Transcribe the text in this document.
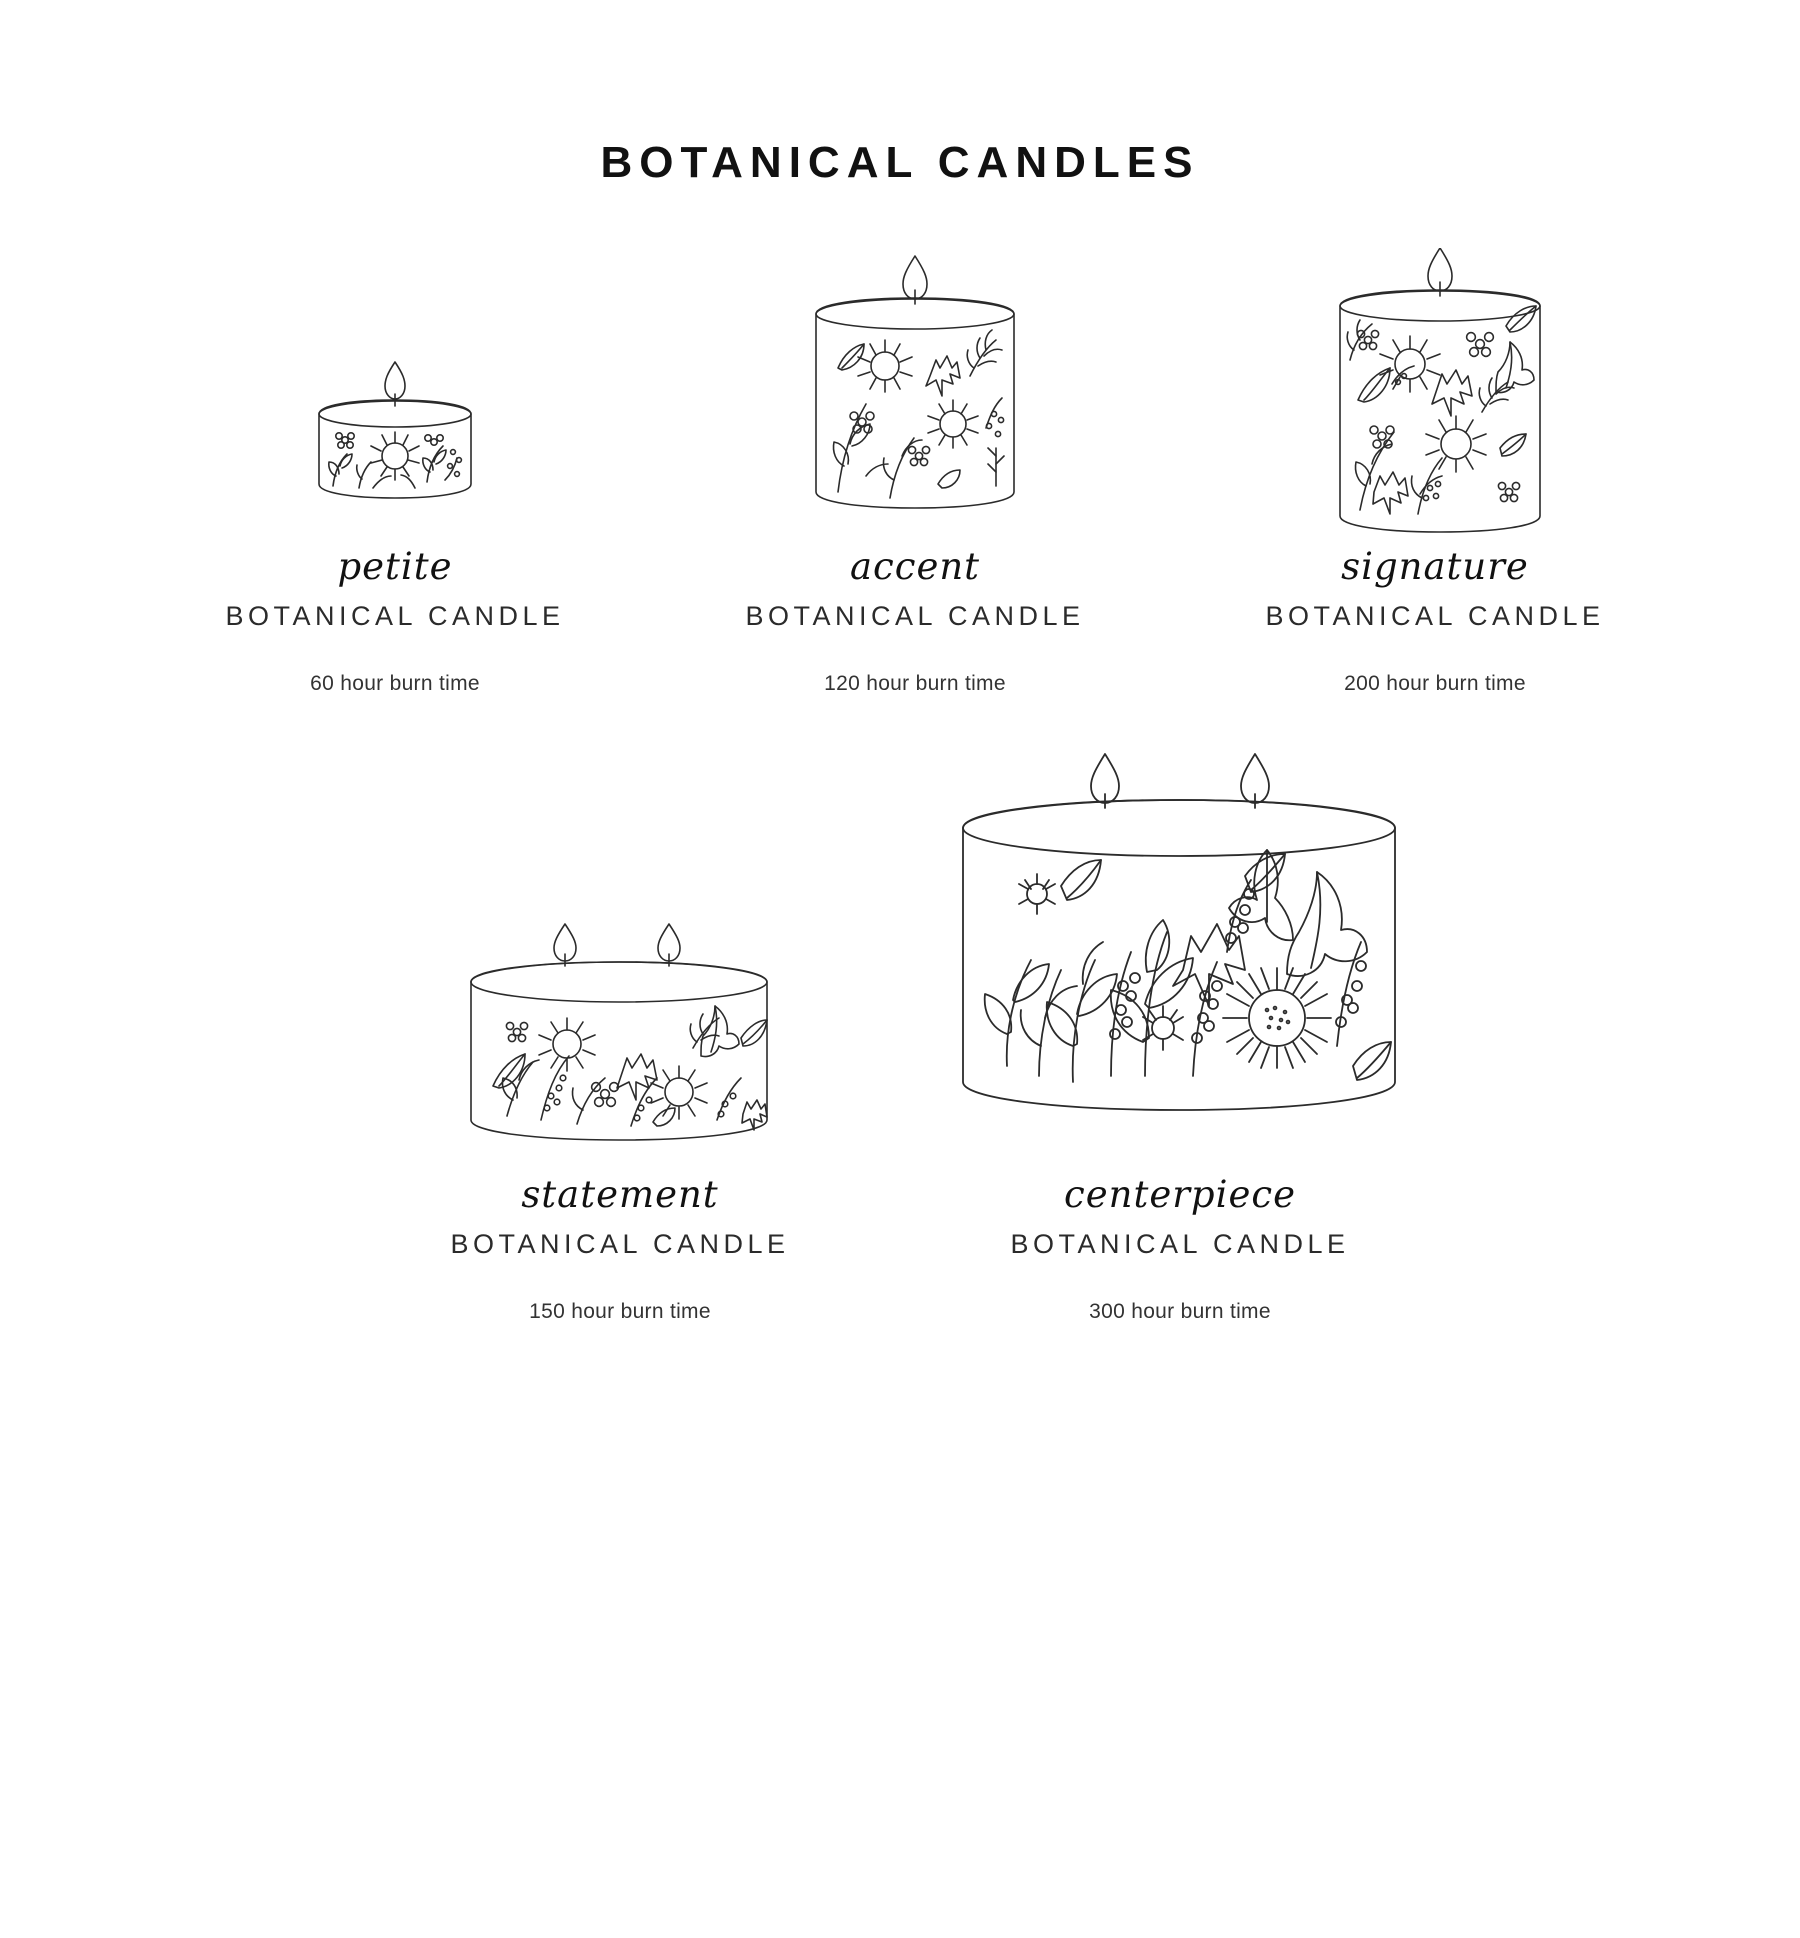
BOTANICAL CANDLES
petite
BOTANICAL CANDLE
60 hour burn time
accent
BOTANICAL CANDLE
120 hour burn time
signature
BOTANICAL CANDLE
200 hour burn time
statement
BOTANICAL CANDLE
150 hour burn time
centerpiece
BOTANICAL CANDLE
300 hour burn time
